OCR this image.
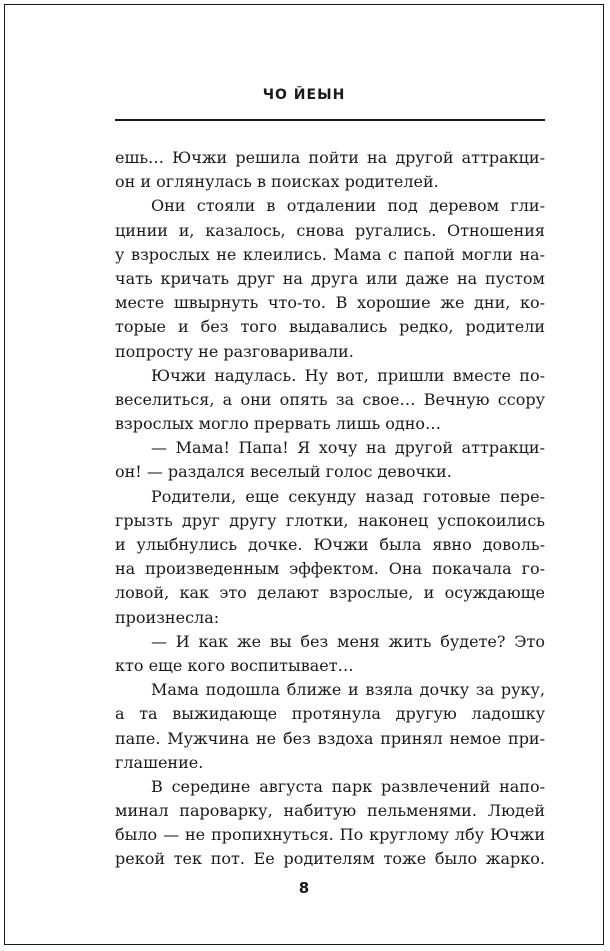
ЧО ЙЕЫН
ешь… Ючжи решила пойти на другой аттракци-
он и оглянулась в поисках родителей.
Они стояли в отдалении под деревом гли-
цинии и, казалось, снова ругались. Отношения
у взрослых не клеились. Мама с папой могли на-
чать кричать друг на друга или даже на пустом
месте швырнуть что-то. В хорошие же дни, ко-
торые и без того выдавались редко, родители
попросту не разговаривали.
Ючжи надулась. Ну вот, пришли вместе по-
веселиться, а они опять за свое… Вечную ссору
взрослых могло прервать лишь одно…
— Мама! Папа! Я хочу на другой аттракци-
он! — раздался веселый голос девочки.
Родители, еще секунду назад готовые пере-
грызть друг другу глотки, наконец успокоились
и улыбнулись дочке. Ючжи была явно доволь-
на произведенным эффектом. Она покачала го-
ловой, как это делают взрослые, и осуждающе
произнесла:
— И как же вы без меня жить будете? Это
кто еще кого воспитывает…
Мама подошла ближе и взяла дочку за руку,
а та выжидающе протянула другую ладошку
папе. Мужчина не без вздоха принял немое при-
глашение.
В середине августа парк развлечений напо-
минал пароварку, набитую пельменями. Людей
было — не пропихнуться. По круглому лбу Ючжи
рекой тек пот. Ее родителям тоже было жарко.
8
